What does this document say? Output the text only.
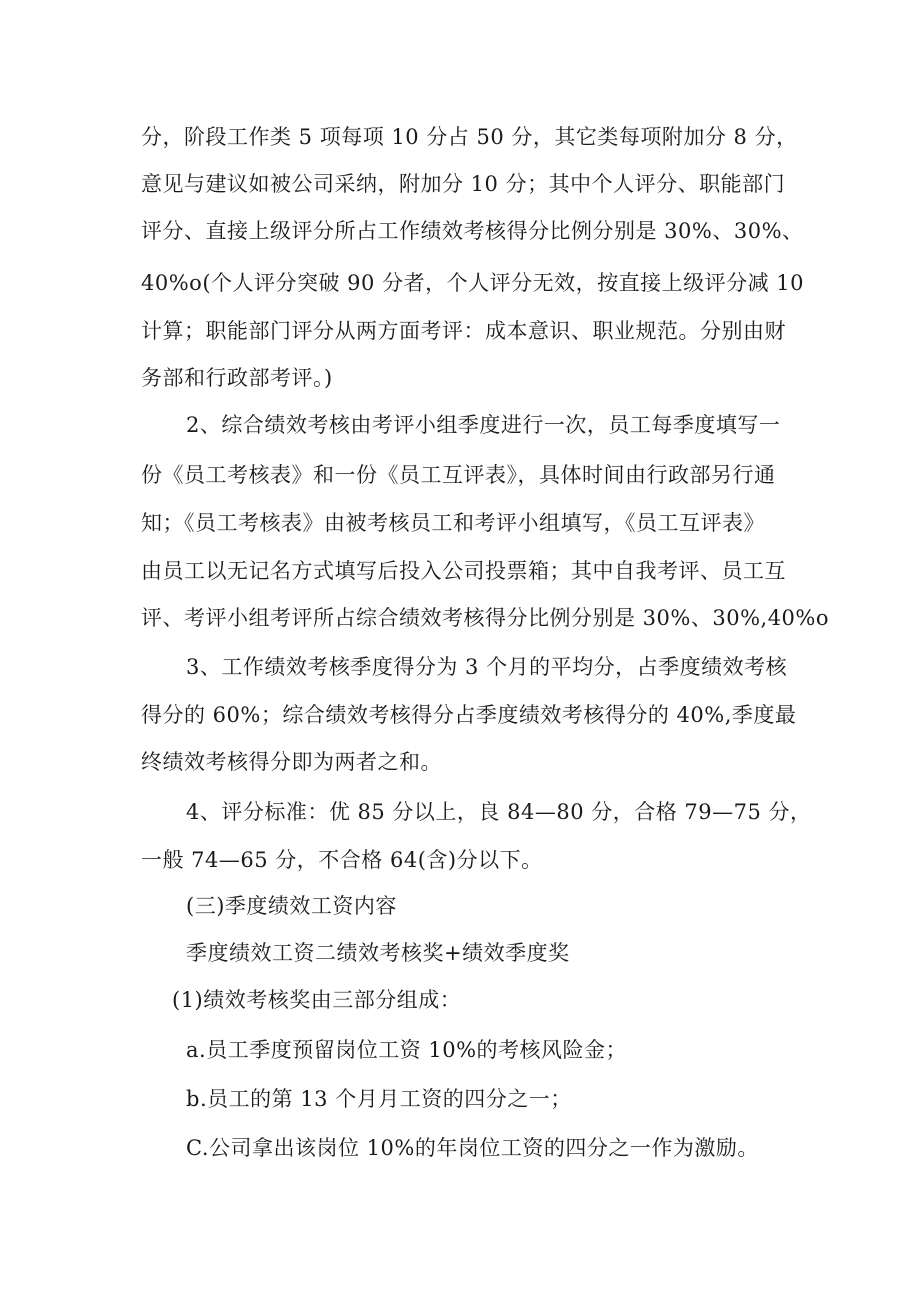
分，阶段工作类 5 项每项 10 分占 50 分，其它类每项附加分 8 分，
意见与建议如被公司采纳，附加分 10 分；其中个人评分、职能部门
评分、直接上级评分所占工作绩效考核得分比例分别是 30%、30%、
40%o(个人评分突破 90 分者，个人评分无效，按直接上级评分减 10
计算；职能部门评分从两方面考评：成本意识、职业规范。分别由财
务部和行政部考评。)
2、综合绩效考核由考评小组季度进行一次，员工每季度填写一
份《员工考核表》和一份《员工互评表》，具体时间由行政部另行通
知；《员工考核表》由被考核员工和考评小组填写，《员工互评表》
由员工以无记名方式填写后投入公司投票箱；其中自我考评、员工互
评、考评小组考评所占综合绩效考核得分比例分别是 30%、30%,40%o
3、工作绩效考核季度得分为 3 个月的平均分，占季度绩效考核
得分的 60%；综合绩效考核得分占季度绩效考核得分的 40%,季度最
终绩效考核得分即为两者之和。
4、评分标准：优 85 分以上，良 84—80 分，合格 79—75 分，
一般 74—65 分，不合格 64(含)分以下。
(三)季度绩效工资内容
季度绩效工资二绩效考核奖+绩效季度奖
(1)绩效考核奖由三部分组成：
a.员工季度预留岗位工资 10%的考核风险金；
b.员工的第 13 个月月工资的四分之一；
C.公司拿出该岗位 10%的年岗位工资的四分之一作为激励。
